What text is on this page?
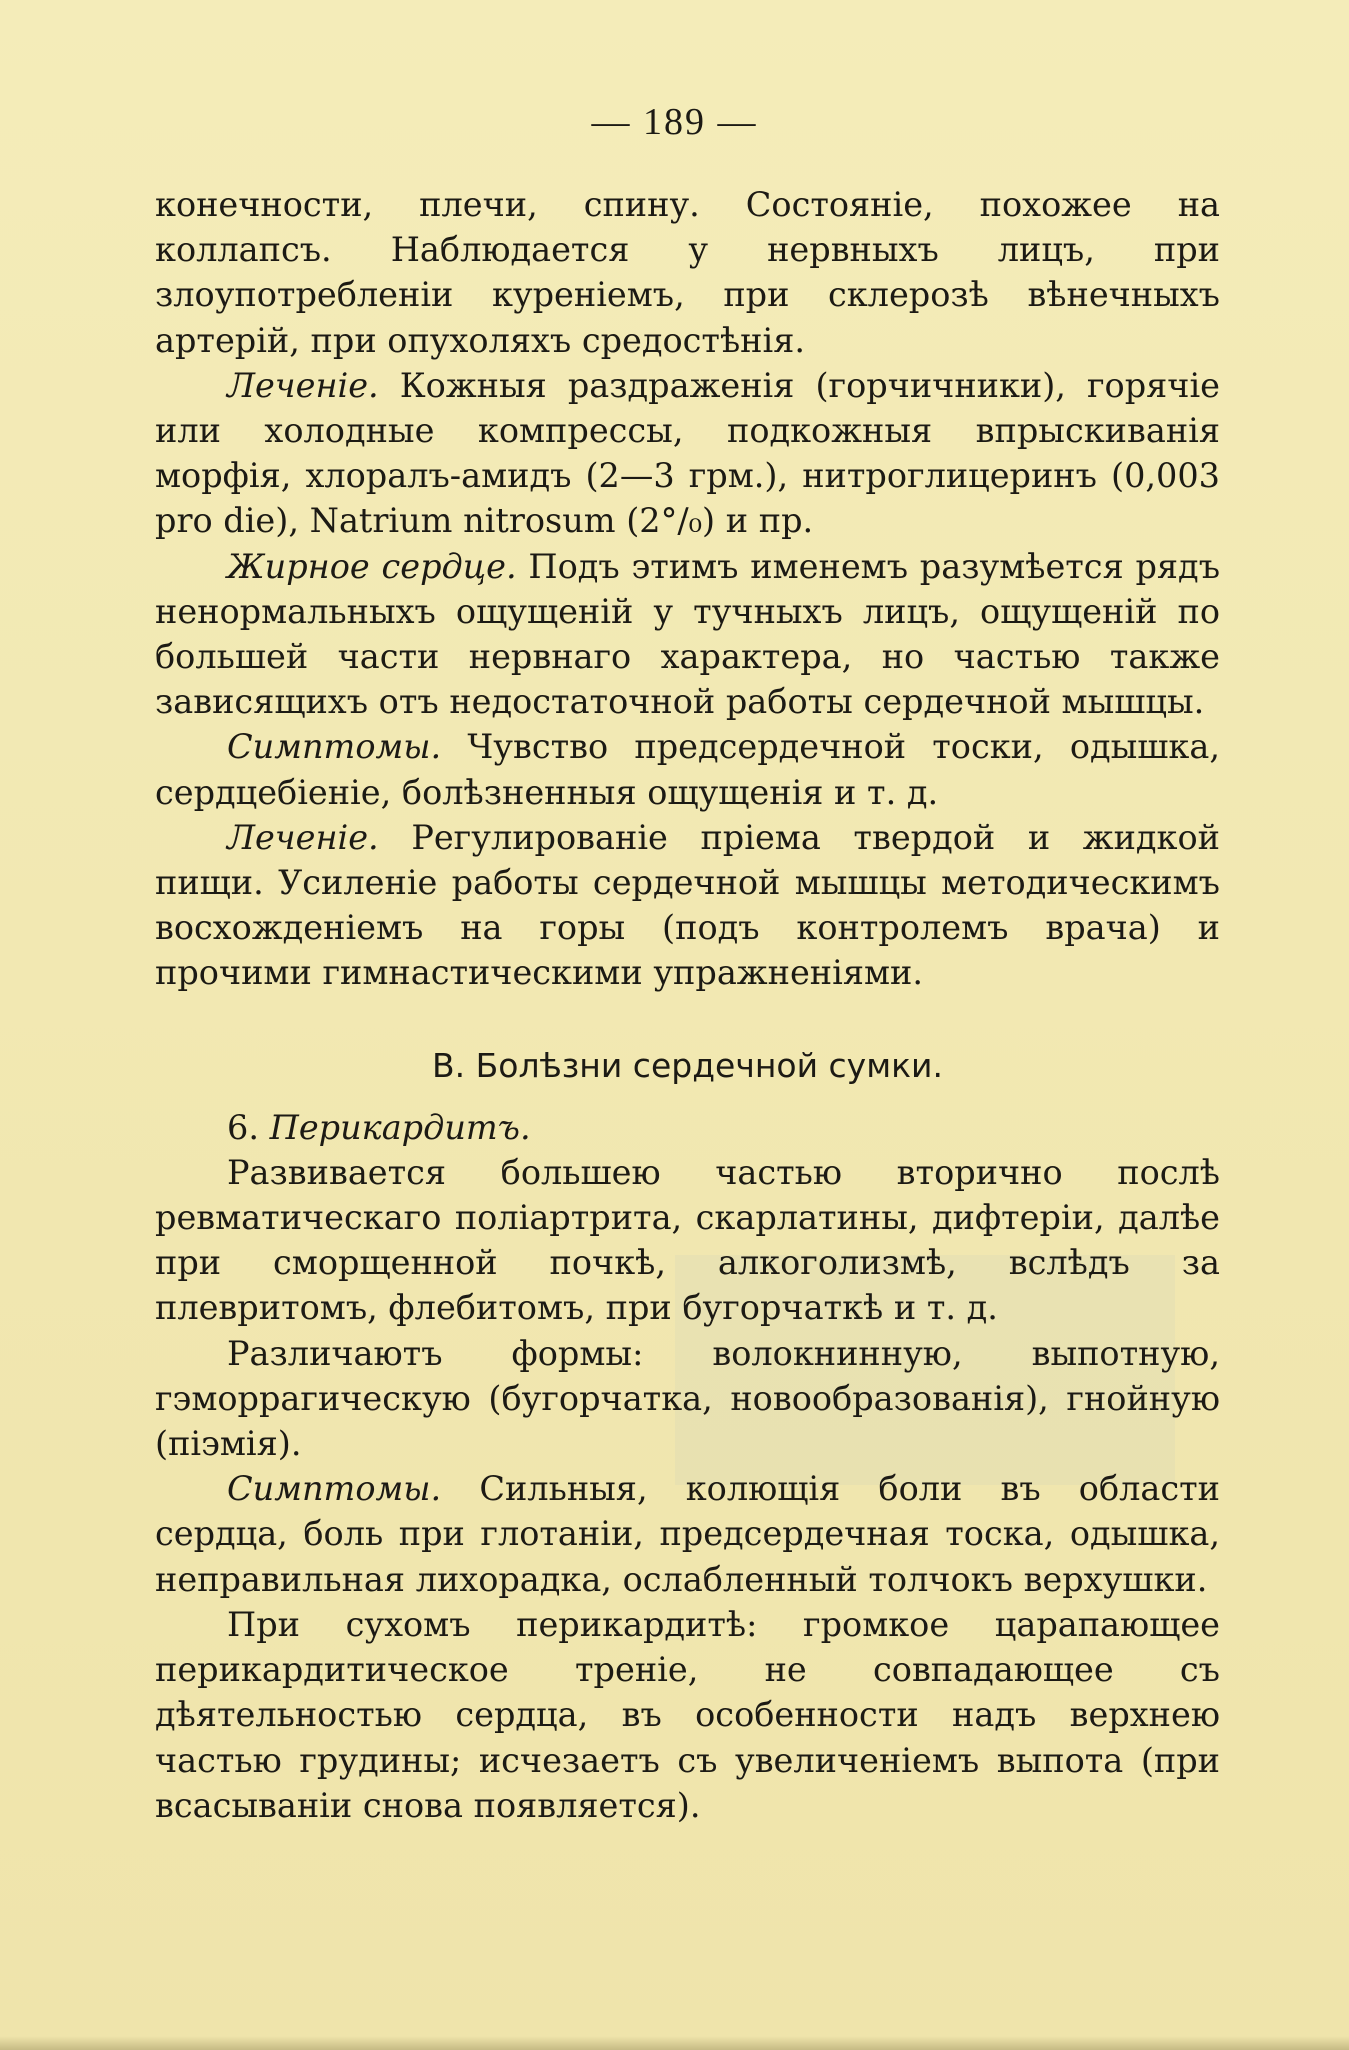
— 189 —

конечности, плечи, спину. Состоянiе, похожее на коллапсъ. Наблюдается у нервныхъ лицъ, при злоупотребленiи куренiемъ, при склерозѣ вѣнечныхъ артерiй, при опухоляхъ средостѣнiя.

Леченiе. Кожныя раздраженiя (горчичники), горячiе или холодные компрессы, подкожныя впрыскиванiя морфiя, хлоралъ-амидъ (2—3 грм.), нитроглицеринъ (0,003 pro die), Natrium nitrosum (2°/₀) и пр.

Жирное сердце. Подъ этимъ именемъ разумѣется рядъ ненормальныхъ ощущенiй у тучныхъ лицъ, ощущенiй по большей части нервнаго характера, но частью также зависящихъ отъ недостаточной работы сердечной мышцы.

Симптомы. Чувство предсердечной тоски, одышка, сердцебiенiе, болѣзненныя ощущенiя и т. д.

Леченiе. Регулированiе прiема твердой и жидкой пищи. Усиленiе работы сердечной мышцы методическимъ восхожденiемъ на горы (подъ контролемъ врача) и прочими гимнастическими упражненiями.

В. Болѣзни сердечной сумки.

6. Перикардитъ.

Развивается большею частью вторично послѣ ревматическаго полiартрита, скарлатины, дифтерiи, далѣе при сморщенной почкѣ, алкоголизмѣ, вслѣдъ за плевритомъ, флебитомъ, при бугорчаткѣ и т. д.

Различаютъ формы: волокнинную, выпотную, гэморрагическую (бугорчатка, новообразованiя), гнойную (пiэмiя).

Симптомы. Сильныя, колющiя боли въ области сердца, боль при глотанiи, предсердечная тоска, одышка, неправильная лихорадка, ослабленный толчокъ верхушки.

При сухомъ перикардитѣ: громкое царапающее перикардитическое тренiе, не совпадающее съ дѣятельностью сердца, въ особенности надъ верхнею частью грудины; исчезаетъ съ увеличенiемъ выпота (при всасыванiи снова появляется).
